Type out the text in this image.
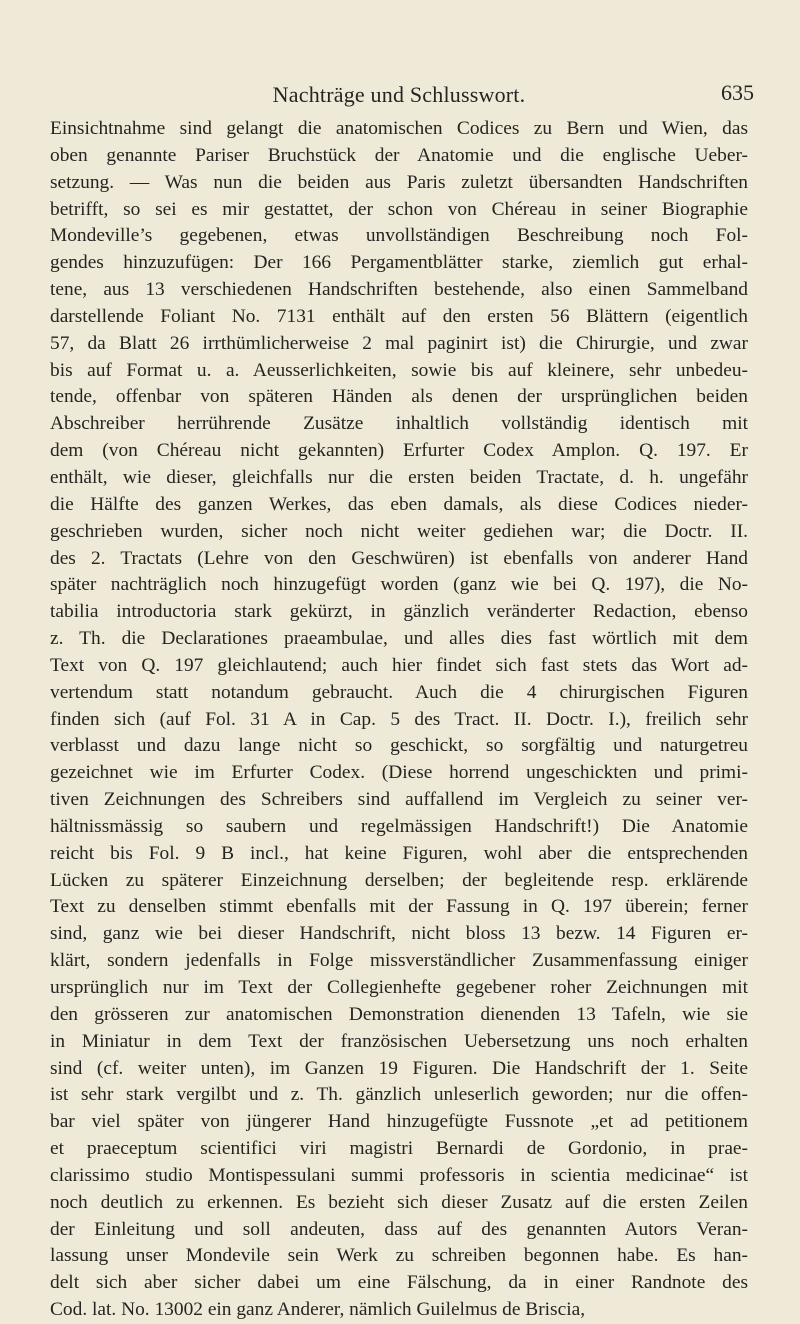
Nachträge und Schlusswort.	635
Einsichtnahme sind gelangt die anatomischen Codices zu Bern und Wien, das
oben genannte Pariser Bruchstück der Anatomie und die englische Ueber-
setzung. — Was nun die beiden aus Paris zuletzt übersandten Handschriften
betrifft, so sei es mir gestattet, der schon von Chéreau in seiner Biographie
Mondeville’s gegebenen, etwas unvollständigen Beschreibung noch Fol-
gendes hinzuzufügen: Der 166 Pergamentblätter starke, ziemlich gut erhal-
tene, aus 13 verschiedenen Handschriften bestehende, also einen Sammelband
darstellende Foliant No. 7131 enthält auf den ersten 56 Blättern (eigentlich
57, da Blatt 26 irrthümlicherweise 2 mal paginirt ist) die Chirurgie, und zwar
bis auf Format u. a. Aeusserlichkeiten, sowie bis auf kleinere, sehr unbedeu-
tende, offenbar von späteren Händen als denen der ursprünglichen beiden
Abschreiber herrührende Zusätze inhaltlich vollständig identisch mit
dem (von Chéreau nicht gekannten) Erfurter Codex Amplon. Q. 197. Er
enthält, wie dieser, gleichfalls nur die ersten beiden Tractate, d. h. ungefähr
die Hälfte des ganzen Werkes, das eben damals, als diese Codices nieder-
geschrieben wurden, sicher noch nicht weiter gediehen war; die Doctr. II.
des 2. Tractats (Lehre von den Geschwüren) ist ebenfalls von anderer Hand
später nachträglich noch hinzugefügt worden (ganz wie bei Q. 197), die No-
tabilia introductoria stark gekürzt, in gänzlich veränderter Redaction, ebenso
z. Th. die Declarationes praeambulae, und alles dies fast wörtlich mit dem
Text von Q. 197 gleichlautend; auch hier findet sich fast stets das Wort ad-
vertendum statt notandum gebraucht. Auch die 4 chirurgischen Figuren
finden sich (auf Fol. 31 A in Cap. 5 des Tract. II. Doctr. I.), freilich sehr
verblasst und dazu lange nicht so geschickt, so sorgfältig und naturgetreu
gezeichnet wie im Erfurter Codex. (Diese horrend ungeschickten und primi-
tiven Zeichnungen des Schreibers sind auffallend im Vergleich zu seiner ver-
hältnissmässig so saubern und regelmässigen Handschrift!) Die Anatomie
reicht bis Fol. 9 B incl., hat keine Figuren, wohl aber die entsprechenden
Lücken zu späterer Einzeichnung derselben; der begleitende resp. erklärende
Text zu denselben stimmt ebenfalls mit der Fassung in Q. 197 überein; ferner
sind, ganz wie bei dieser Handschrift, nicht bloss 13 bezw. 14 Figuren er-
klärt, sondern jedenfalls in Folge missverständlicher Zusammenfassung einiger
ursprünglich nur im Text der Collegienhefte gegebener roher Zeichnungen mit
den grösseren zur anatomischen Demonstration dienenden 13 Tafeln, wie sie
in Miniatur in dem Text der französischen Uebersetzung uns noch erhalten
sind (cf. weiter unten), im Ganzen 19 Figuren. Die Handschrift der 1. Seite
ist sehr stark vergilbt und z. Th. gänzlich unleserlich geworden; nur die offen-
bar viel später von jüngerer Hand hinzugefügte Fussnote „et ad petitionem
et praeceptum scientifici viri magistri Bernardi de Gordonio, in prae-
clarissimo studio Montispessulani summi professoris in scientia medicinae“ ist
noch deutlich zu erkennen. Es bezieht sich dieser Zusatz auf die ersten Zeilen
der Einleitung und soll andeuten, dass auf des genannten Autors Veran-
lassung unser Mondevile sein Werk zu schreiben begonnen habe. Es han-
delt sich aber sicher dabei um eine Fälschung, da in einer Randnote des
Cod. lat. No. 13002 ein ganz Anderer, nämlich Guilelmus de Briscia,
